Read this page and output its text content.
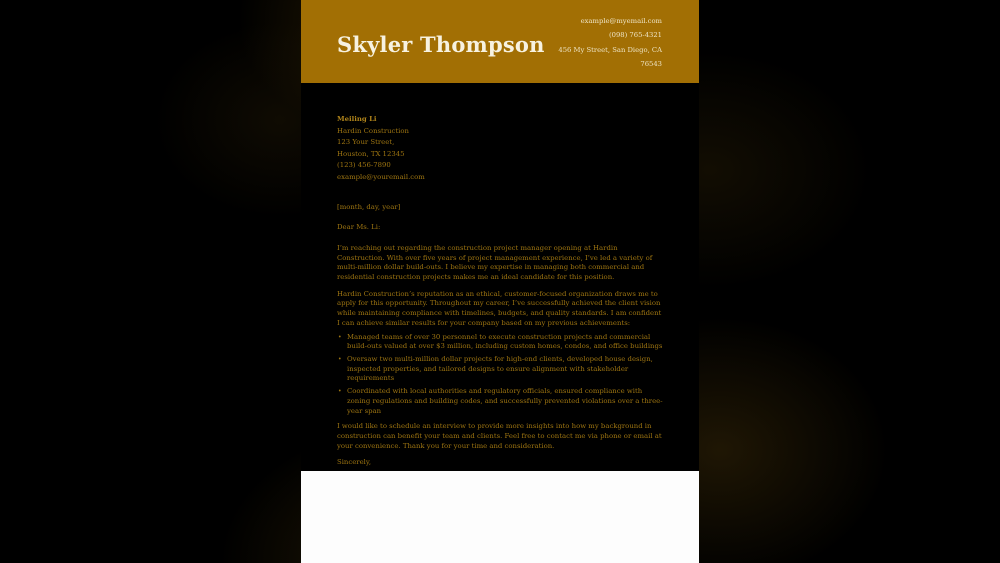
Skyler Thompson
example@myemail.com
(098) 765-4321
456 My Street, San Diego, CA 76543
Meiling Li
Hardin Construction
123 Your Street,
Houston, TX 12345
(123) 456-7890
example@youremail.com
[month, day, year]
Dear Ms. Li:
I’m reaching out regarding the construction project manager opening at Hardin Construction. With over five years of project management experience, I’ve led a variety of multi-million dollar build-outs. I believe my expertise in managing both commercial and residential construction projects makes me an ideal candidate for this position.
Hardin Construction’s reputation as an ethical, customer-focused organization draws me to apply for this opportunity. Throughout my career, I’ve successfully achieved the client vision while maintaining compliance with timelines, budgets, and quality standards. I am confident I can achieve similar results for your company based on my previous achievements:
• Managed teams of over 30 personnel to execute construction projects and commercial build-outs valued at over $3 million, including custom homes, condos, and office buildings
• Oversaw two multi-million dollar projects for high-end clients, developed house design, inspected properties, and tailored designs to ensure alignment with stakeholder requirements
• Coordinated with local authorities and regulatory officials, ensured compliance with zoning regulations and building codes, and successfully prevented violations over a three-year span
I would like to schedule an interview to provide more insights into how my background in construction can benefit your team and clients. Feel free to contact me via phone or email at your convenience. Thank you for your time and consideration.
Sincerely,
